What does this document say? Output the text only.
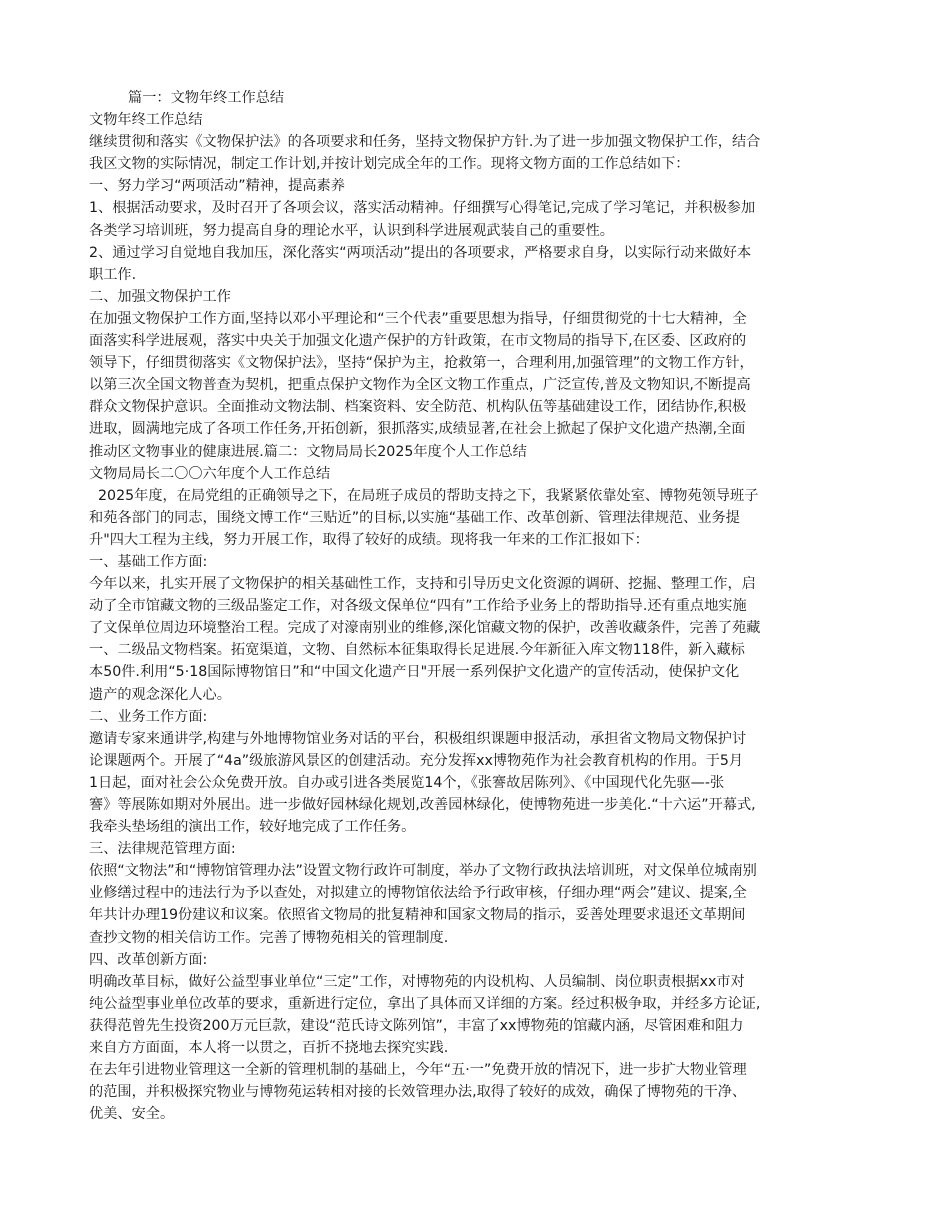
篇一：文物年终工作总结
文物年终工作总结
继续贯彻和落实《文物保护法》的各项要求和任务，坚持文物保护方针.为了进一步加强文物保护工作，结合
我区文物的实际情况，制定工作计划,并按计划完成全年的工作。现将文物方面的工作总结如下：
一、努力学习“两项活动”精神，提高素养
1、根据活动要求，及时召开了各项会议，落实活动精神。仔细撰写心得笔记,完成了学习笔记，并积极参加
各类学习培训班，努力提高自身的理论水平，认识到科学进展观武装自己的重要性。
2、通过学习自觉地自我加压，深化落实“两项活动”提出的各项要求，严格要求自身，以实际行动来做好本
职工作.
二、加强文物保护工作
在加强文物保护工作方面,坚持以邓小平理论和“三个代表”重要思想为指导，仔细贯彻党的十七大精神，全
面落实科学进展观，落实中央关于加强文化遗产保护的方针政策，在市文物局的指导下,在区委、区政府的
领导下，仔细贯彻落实《文物保护法》，坚持“保护为主，抢救第一，合理利用,加强管理”的文物工作方针，
以第三次全国文物普查为契机，把重点保护文物作为全区文物工作重点，广泛宣传,普及文物知识,不断提高
群众文物保护意识。全面推动文物法制、档案资料、安全防范、机构队伍等基础建设工作，团结协作,积极
进取，圆满地完成了各项工作任务,开拓创新，狠抓落实,成绩显著,在社会上掀起了保护文化遗产热潮,全面
推动区文物事业的健康进展.篇二：文物局局长2025年度个人工作总结
文物局局长二〇〇六年度个人工作总结
2025年度，在局党组的正确领导之下，在局班子成员的帮助支持之下，我紧紧依靠处室、博物苑领导班子
和苑各部门的同志，围绕文博工作“三贴近”的目标,以实施“基础工作、改革创新、管理法律规范、业务提
升"四大工程为主线，努力开展工作，取得了较好的成绩。现将我一年来的工作汇报如下：
一、基础工作方面:
今年以来，扎实开展了文物保护的相关基础性工作，支持和引导历史文化资源的调研、挖掘、整理工作，启
动了全市馆藏文物的三级品鉴定工作，对各级文保单位“四有”工作给予业务上的帮助指导.还有重点地实施
了文保单位周边环境整治工程。完成了对濠南别业的维修,深化馆藏文物的保护，改善收藏条件，完善了苑藏
一、二级品文物档案。拓宽渠道，文物、自然标本征集取得长足进展.今年新征入库文物118件，新入藏标
本50件.利用“5·18国际博物馆日”和“中国文化遗产日"开展一系列保护文化遗产的宣传活动，使保护文化
遗产的观念深化人心。
二、业务工作方面:
邀请专家来通讲学,构建与外地博物馆业务对话的平台，积极组织课题申报活动，承担省文物局文物保护讨
论课题两个。开展了“4a”级旅游风景区的创建活动。充分发挥xx博物苑作为社会教育机构的作用。于5月
1日起，面对社会公众免费开放。自办或引进各类展览14个，《张謇故居陈列》、《中国现代化先驱—-张
謇》等展陈如期对外展出。进一步做好园林绿化规划,改善园林绿化，使博物苑进一步美化.“十六运”开幕式,
我牵头垫场组的演出工作，较好地完成了工作任务。
三、法律规范管理方面:
依照“文物法”和“博物馆管理办法”设置文物行政许可制度，举办了文物行政执法培训班，对文保单位城南别
业修缮过程中的违法行为予以查处，对拟建立的博物馆依法给予行政审核，仔细办理“两会”建议、提案,全
年共计办理19份建议和议案。依照省文物局的批复精神和国家文物局的指示，妥善处理要求退还文革期间
查抄文物的相关信访工作。完善了博物苑相关的管理制度.
四、改革创新方面:
明确改革目标，做好公益型事业单位“三定”工作，对博物苑的内设机构、人员编制、岗位职责根据xx市对
纯公益型事业单位改革的要求，重新进行定位，拿出了具体而又详细的方案。经过积极争取，并经多方论证,
获得范曾先生投资200万元巨款，建设“范氏诗文陈列馆”，丰富了xx博物苑的馆藏内涵，尽管困难和阻力
来自方方面面，本人将一以贯之，百折不挠地去探究实践.
在去年引进物业管理这一全新的管理机制的基础上，今年“五·一”免费开放的情况下，进一步扩大物业管理
的范围，并积极探究物业与博物苑运转相对接的长效管理办法,取得了较好的成效，确保了博物苑的干净、
优美、安全。
